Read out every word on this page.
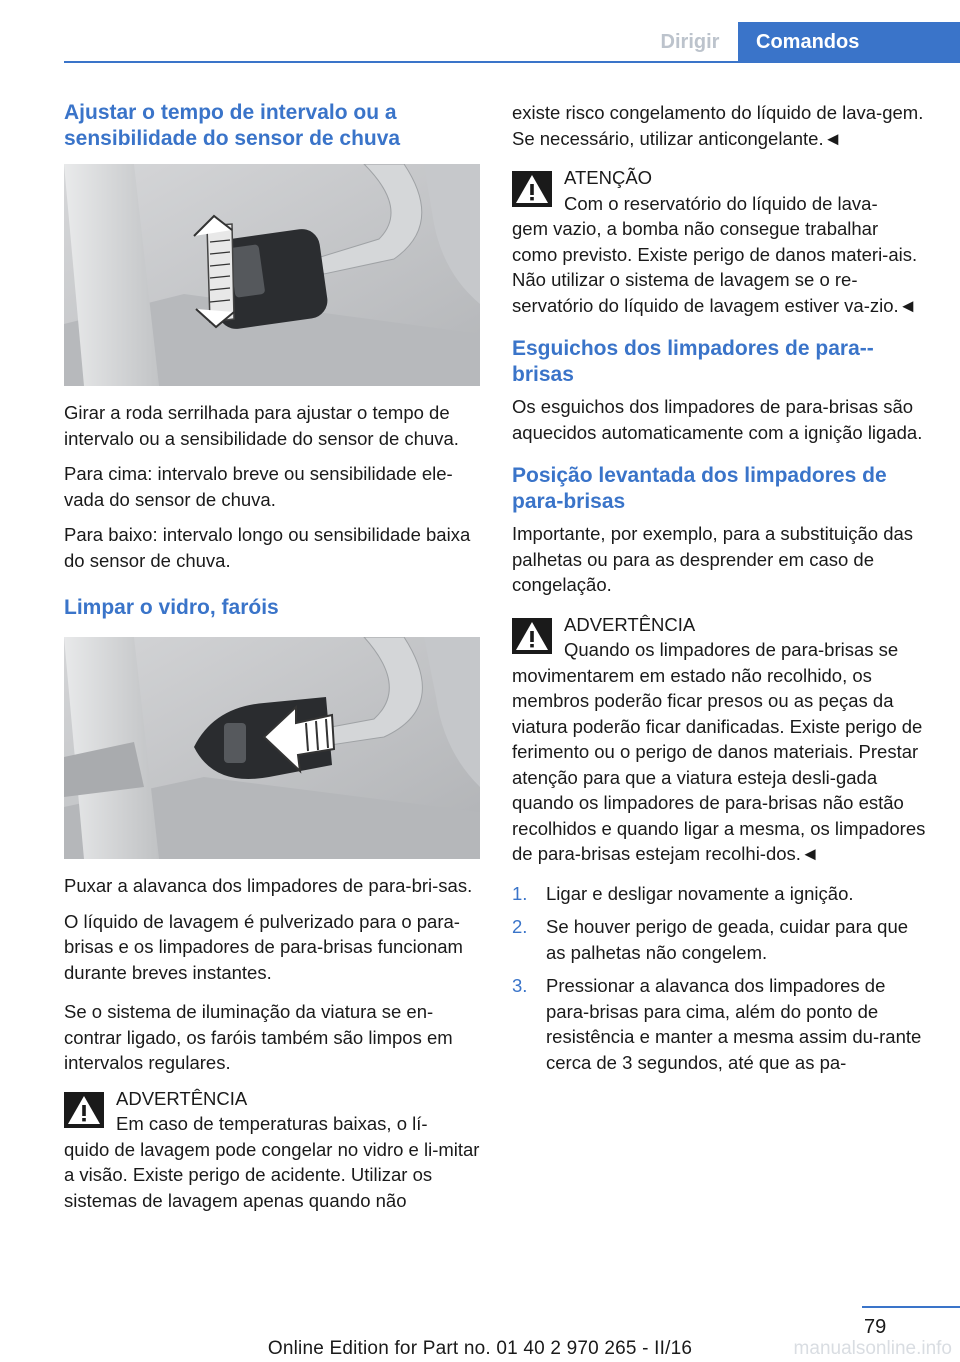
Dirigir	Comandos
Ajustar o tempo de intervalo ou a sensibilidade do sensor de chuva

Girar a roda serrilhada para ajustar o tempo de intervalo ou a sensibilidade do sensor de chuva.

Para cima: intervalo breve ou sensibilidade ele-vada do sensor de chuva.

Para baixo: intervalo longo ou sensibilidade baixa do sensor de chuva.

Limpar o vidro, faróis

Puxar a alavanca dos limpadores de para-bri-sas.

O líquido de lavagem é pulverizado para o para-brisas e os limpadores de para-brisas funcionam durante breves instantes.

Se o sistema de iluminação da viatura se en-contrar ligado, os faróis também são limpos em intervalos regulares.

ADVERTÊNCIA
Em caso de temperaturas baixas, o lí-
quido de lavagem pode congelar no vidro e li-mitar a visão. Existe perigo de acidente. Utilizar os sistemas de lavagem apenas quando não

existe risco congelamento do líquido de lava-gem. Se necessário, utilizar anticongelante.◄

ATENÇÃO
Com o reservatório do líquido de lava-
gem vazio, a bomba não consegue trabalhar como previsto. Existe perigo de danos materi-ais. Não utilizar o sistema de lavagem se o re-servatório do líquido de lavagem estiver va-zio.◄
Esguichos dos limpadores de para--brisas

Os esguichos dos limpadores de para-brisas são aquecidos automaticamente com a ignição ligada.

Posição levantada dos limpadores de para-brisas

Importante, por exemplo, para a substituição das palhetas ou para as desprender em caso de congelação.

ADVERTÊNCIA
Quando os limpadores de para-brisas se
movimentarem em estado não recolhido, os membros poderão ficar presos ou as peças da viatura poderão ficar danificadas. Existe perigo de ferimento ou o perigo de danos materiais. Prestar atenção para que a viatura esteja desli-gada quando os limpadores de para-brisas não estão recolhidos e quando ligar a mesma, os limpadores de para-brisas estejam recolhi-dos.◄
1. Ligar e desligar novamente a ignição.
2. Se houver perigo de geada, cuidar para que as palhetas não congelem.
3. Pressionar a alavanca dos limpadores de para-brisas para cima, além do ponto de resistência e manter a mesma assim du-rante cerca de 3 segundos, até que as pa-
79
Online Edition for Part no. 01 40 2 970 265 - II/16	manualsonline.info
